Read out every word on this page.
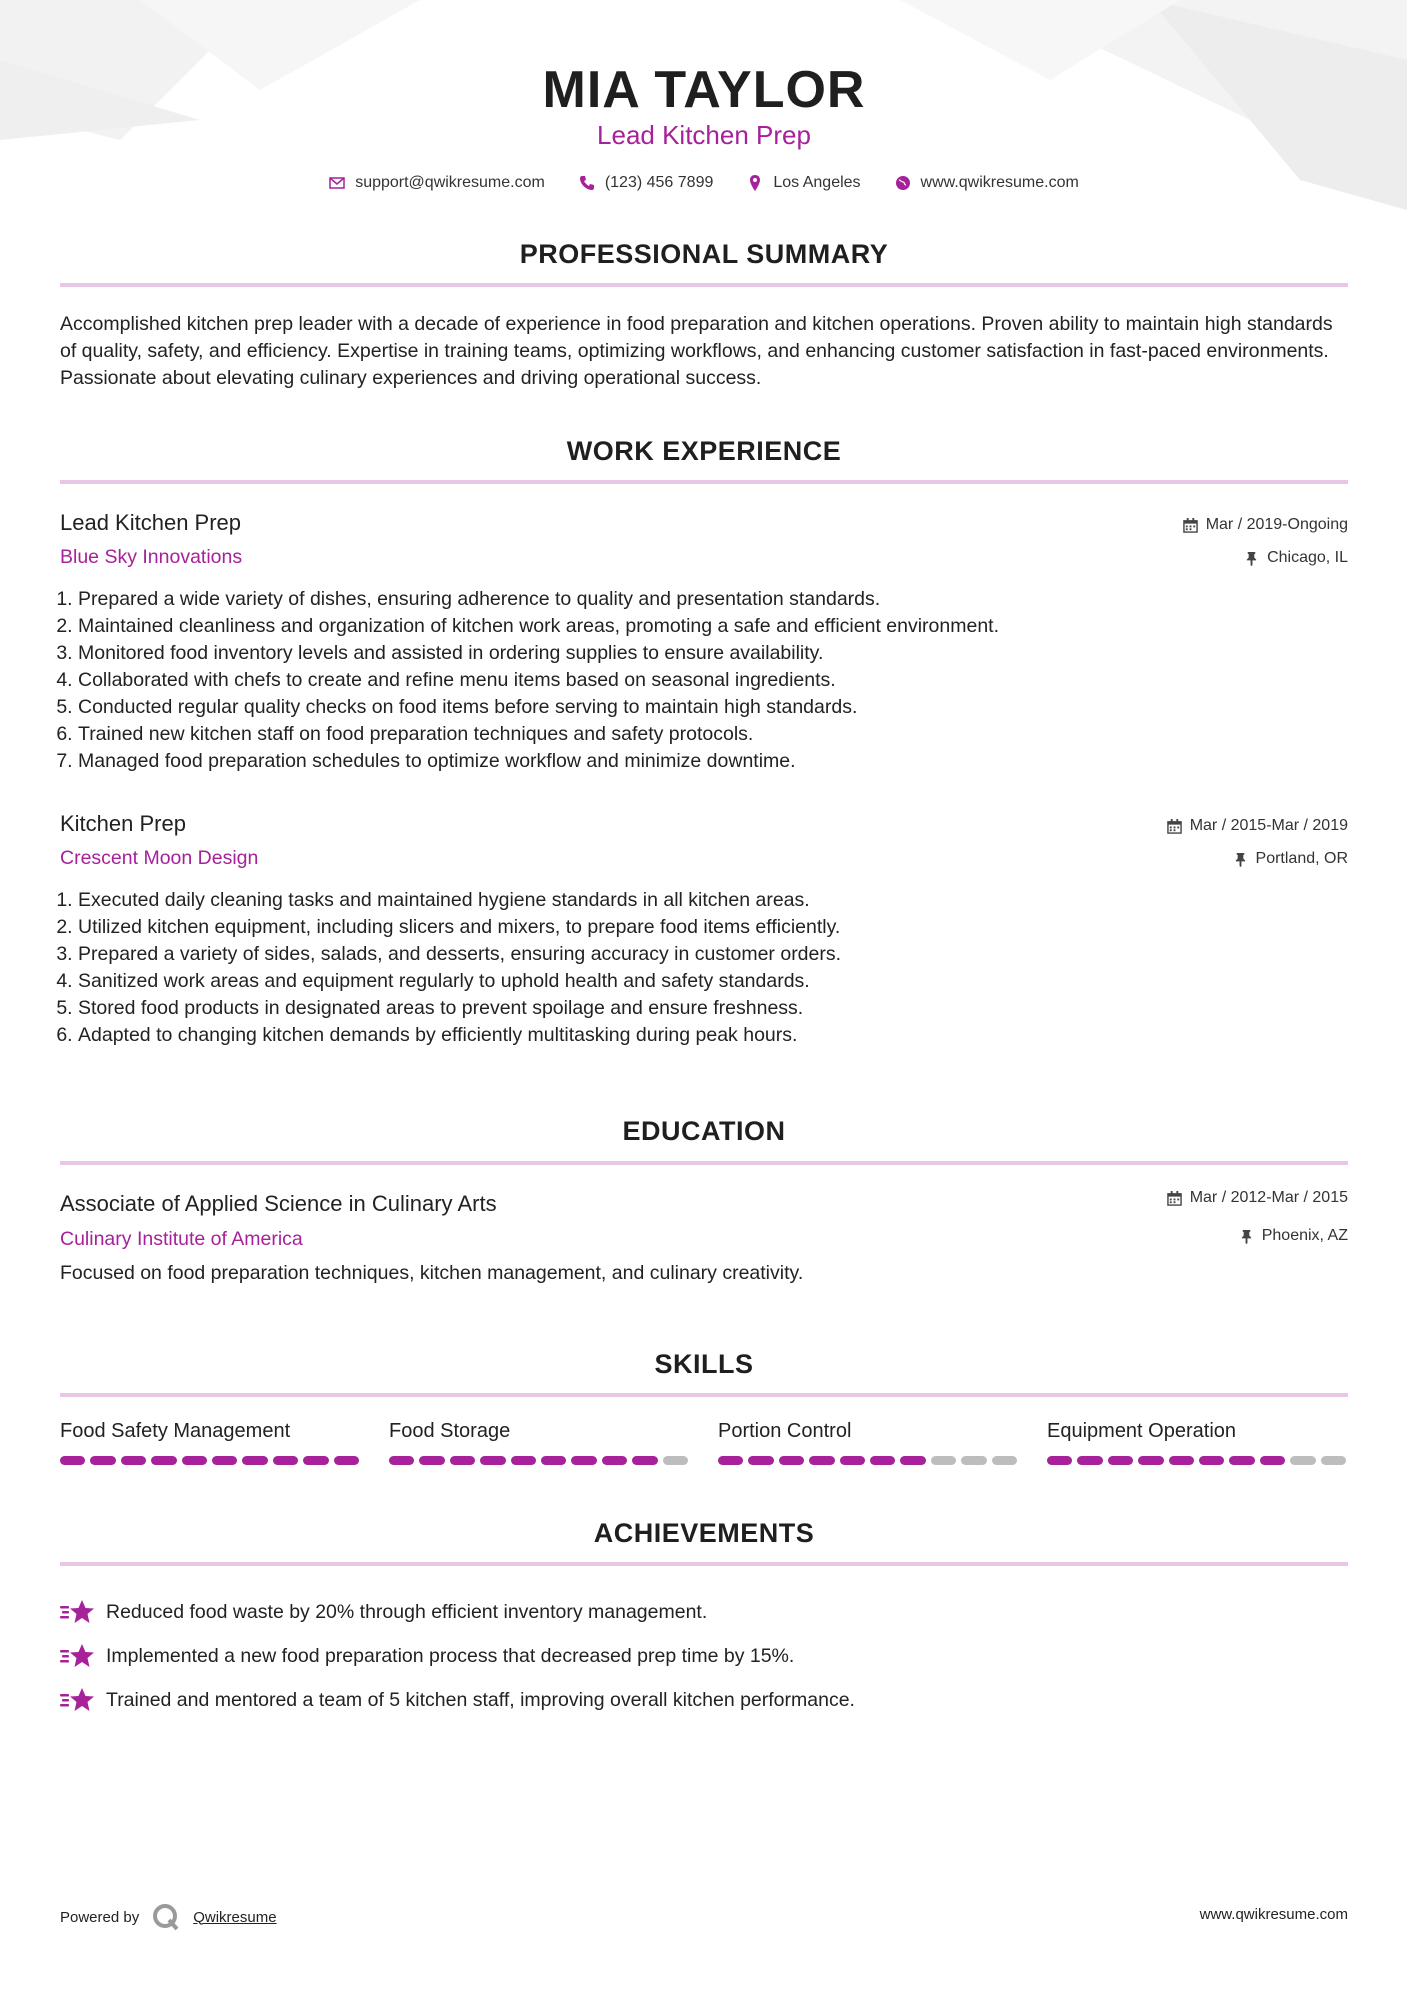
MIA TAYLOR
Lead Kitchen Prep
support@qwikresume.com	(123) 456 7899	Los Angeles	www.qwikresume.com
PROFESSIONAL SUMMARY
Accomplished kitchen prep leader with a decade of experience in food preparation and kitchen operations. Proven ability to maintain high standards of quality, safety, and efficiency. Expertise in training teams, optimizing workflows, and enhancing customer satisfaction in fast-paced environments. Passionate about elevating culinary experiences and driving operational success.
WORK EXPERIENCE
Lead Kitchen Prep
Blue Sky Innovations
Mar / 2019-Ongoing
Chicago, IL
1. Prepared a wide variety of dishes, ensuring adherence to quality and presentation standards.
2. Maintained cleanliness and organization of kitchen work areas, promoting a safe and efficient environment.
3. Monitored food inventory levels and assisted in ordering supplies to ensure availability.
4. Collaborated with chefs to create and refine menu items based on seasonal ingredients.
5. Conducted regular quality checks on food items before serving to maintain high standards.
6. Trained new kitchen staff on food preparation techniques and safety protocols.
7. Managed food preparation schedules to optimize workflow and minimize downtime.
Kitchen Prep
Crescent Moon Design
Mar / 2015-Mar / 2019
Portland, OR
1. Executed daily cleaning tasks and maintained hygiene standards in all kitchen areas.
2. Utilized kitchen equipment, including slicers and mixers, to prepare food items efficiently.
3. Prepared a variety of sides, salads, and desserts, ensuring accuracy in customer orders.
4. Sanitized work areas and equipment regularly to uphold health and safety standards.
5. Stored food products in designated areas to prevent spoilage and ensure freshness.
6. Adapted to changing kitchen demands by efficiently multitasking during peak hours.
EDUCATION
Associate of Applied Science in Culinary Arts
Culinary Institute of America
Mar / 2012-Mar / 2015
Phoenix, AZ
Focused on food preparation techniques, kitchen management, and culinary creativity.
SKILLS
Food Safety Management	Food Storage	Portion Control	Equipment Operation
ACHIEVEMENTS
Reduced food waste by 20% through efficient inventory management.
Implemented a new food preparation process that decreased prep time by 15%.
Trained and mentored a team of 5 kitchen staff, improving overall kitchen performance.
Powered by	Qwikresume	www.qwikresume.com
